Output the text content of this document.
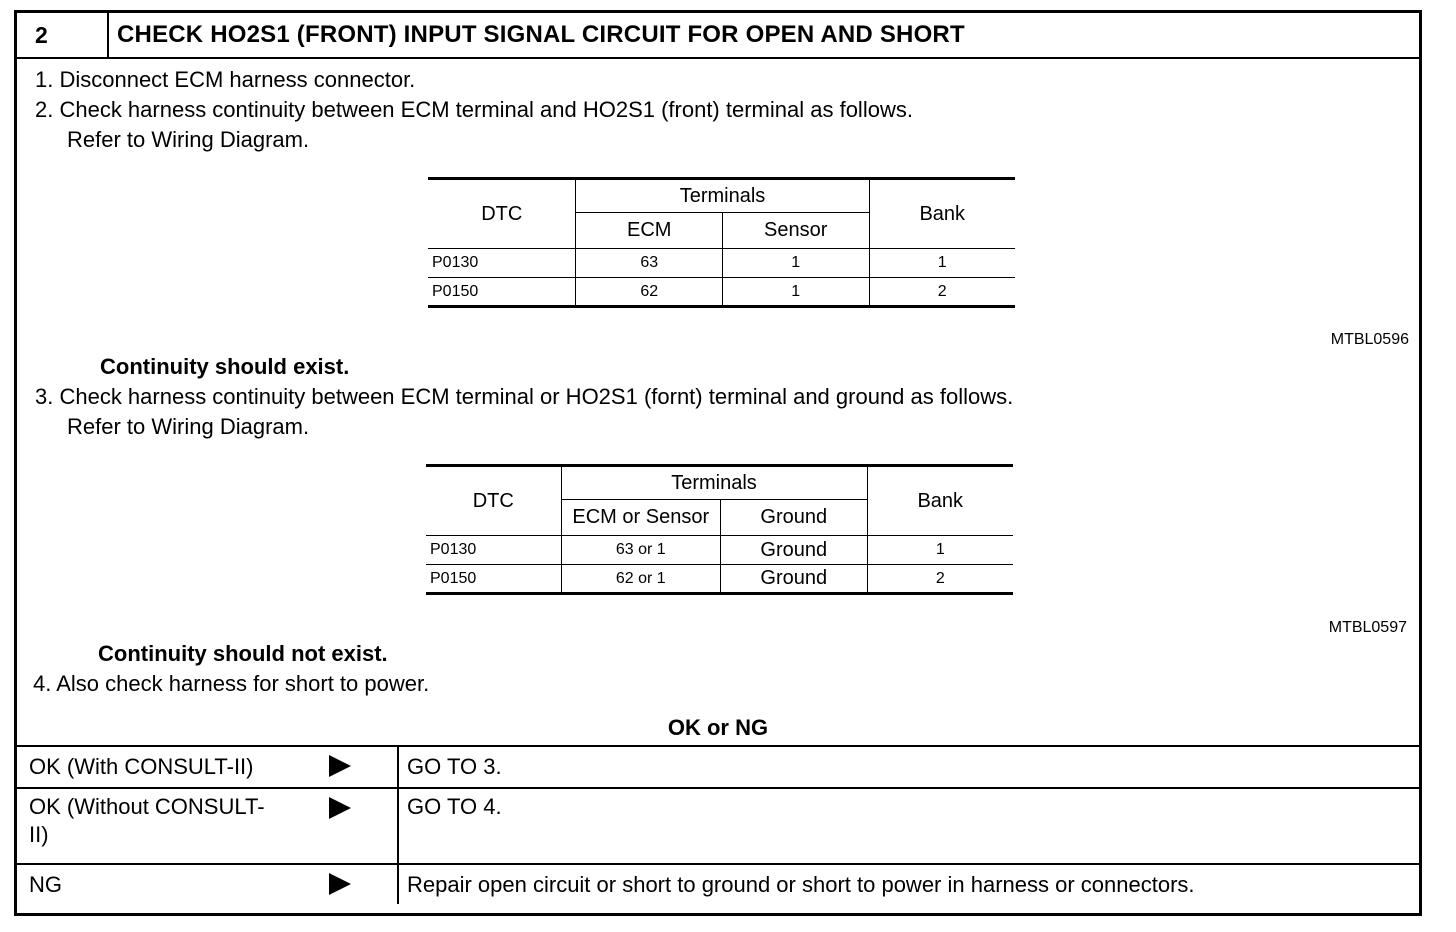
2	CHECK HO2S1 (FRONT) INPUT SIGNAL CIRCUIT FOR OPEN AND SHORT
1. Disconnect ECM harness connector.
2. Check harness continuity between ECM terminal and HO2S1 (front) terminal as follows.
Refer to Wiring Diagram.
DTC	Terminals		Bank
	ECM	Sensor	
P0130	63	1	1
P0150	62	1	2
MTBL0596
Continuity should exist.
3. Check harness continuity between ECM terminal or HO2S1 (fornt) terminal and ground as follows.
Refer to Wiring Diagram.
DTC	Terminals		Bank
	ECM or Sensor	Ground	
P0130	63 or 1	Ground	1
P0150	62 or 1	Ground	2
MTBL0597
Continuity should not exist.
4. Also check harness for short to power.
OK or NG
OK (With CONSULT-II)		GO TO 3.
OK (Without CONSULT-
II)		GO TO 4.
NG		Repair open circuit or short to ground or short to power in harness or connectors.
